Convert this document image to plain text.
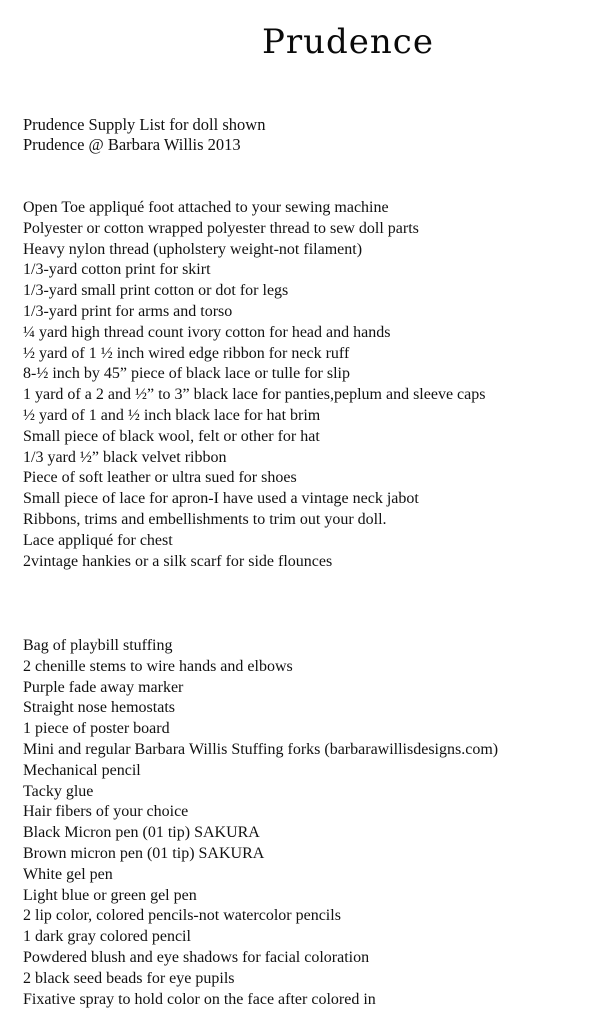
Prudence
Prudence Supply List for doll shown
Prudence @ Barbara Willis 2013
Open Toe appliqué foot attached to your sewing machine
Polyester or cotton wrapped polyester thread to sew doll parts
Heavy nylon thread (upholstery weight-not filament)
1/3-yard cotton print for skirt
1/3-yard small print cotton or dot for legs
1/3-yard print for arms and torso
¼ yard high thread count ivory cotton for head and hands
½ yard of 1 ½ inch wired edge ribbon for neck ruff
8-½ inch by 45” piece of black lace or tulle for slip
1 yard of a 2 and ½” to 3” black lace for panties,peplum and sleeve caps
½ yard of 1 and ½ inch black lace for hat brim
Small piece of black wool, felt or other for hat
1/3 yard ½” black velvet ribbon
Piece of soft leather or ultra sued for shoes
Small piece of lace for apron-I have used a vintage neck jabot
Ribbons, trims and embellishments to trim out your doll.
Lace appliqué for chest
2vintage hankies or a silk scarf for side flounces
Bag of playbill stuffing
2 chenille stems to wire hands and elbows
Purple fade away marker
Straight nose hemostats
1 piece of poster board
Mini and regular Barbara Willis Stuffing forks (barbarawillisdesigns.com)
Mechanical pencil
Tacky glue
Hair fibers of your choice
Black Micron pen (01 tip) SAKURA
Brown micron pen (01 tip) SAKURA
White gel pen
Light blue or green gel pen
2 lip color, colored pencils-not watercolor pencils
1 dark gray colored pencil
Powdered blush and eye shadows for facial coloration
2 black seed beads for eye pupils
Fixative spray to hold color on the face after colored in
